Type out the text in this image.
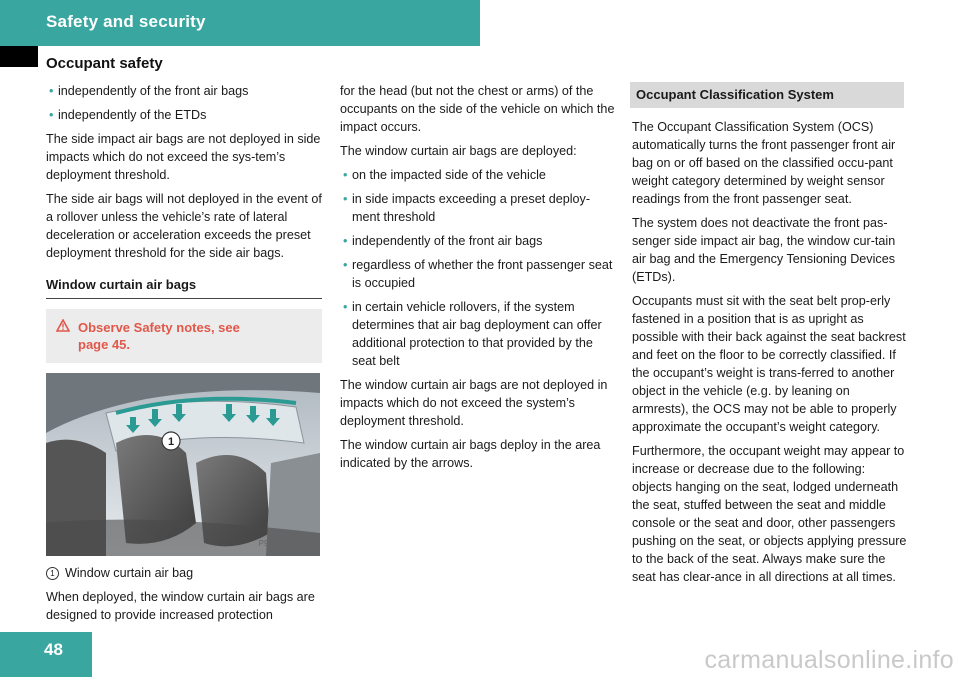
Safety and security
Occupant safety
• independently of the front air bags
• independently of the ETDs

The side impact air bags are not deployed in side impacts which do not exceed the sys-tem’s deployment threshold.

The side air bags will not deployed in the event of a rollover unless the vehicle’s rate of lateral deceleration or acceleration exceeds the preset deployment threshold for the side air bags.

Window curtain air bags
Observe Safety notes, see
page 45.
1
P91.60-3518-31
1 Window curtain air bag

When deployed, the window curtain air bags are designed to provide increased protection

for the head (but not the chest or arms) of the occupants on the side of the vehicle on which the impact occurs.

The window curtain air bags are deployed:

• on the impacted side of the vehicle
• in side impacts exceeding a preset deploy-ment threshold
• independently of the front air bags
• regardless of whether the front passenger seat is occupied
• in certain vehicle rollovers, if the system determines that air bag deployment can offer additional protection to that provided by the seat belt

The window curtain air bags are not deployed in impacts which do not exceed the system’s deployment threshold.

The window curtain air bags deploy in the area indicated by the arrows.

Occupant Classification System

The Occupant Classification System (OCS) automatically turns the front passenger front air bag on or off based on the classified occu-pant weight category determined by weight sensor readings from the front passenger seat.

The system does not deactivate the front pas-senger side impact air bag, the window cur-tain air bag and the Emergency Tensioning Devices (ETDs).

Occupants must sit with the seat belt prop-erly fastened in a position that is as upright as possible with their back against the seat backrest and feet on the floor to be correctly classified. If the occupant’s weight is trans-ferred to another object in the vehicle (e.g. by leaning on armrests), the OCS may not be able to properly approximate the occupant’s weight category.

Furthermore, the occupant weight may appear to increase or decrease due to the following: objects hanging on the seat, lodged underneath the seat, stuffed between the seat and middle console or the seat and door, other passengers pushing on the seat, or objects applying pressure to the back of the seat. Always make sure the seat has clear-ance in all directions at all times.

48	carmanualsonline.info
